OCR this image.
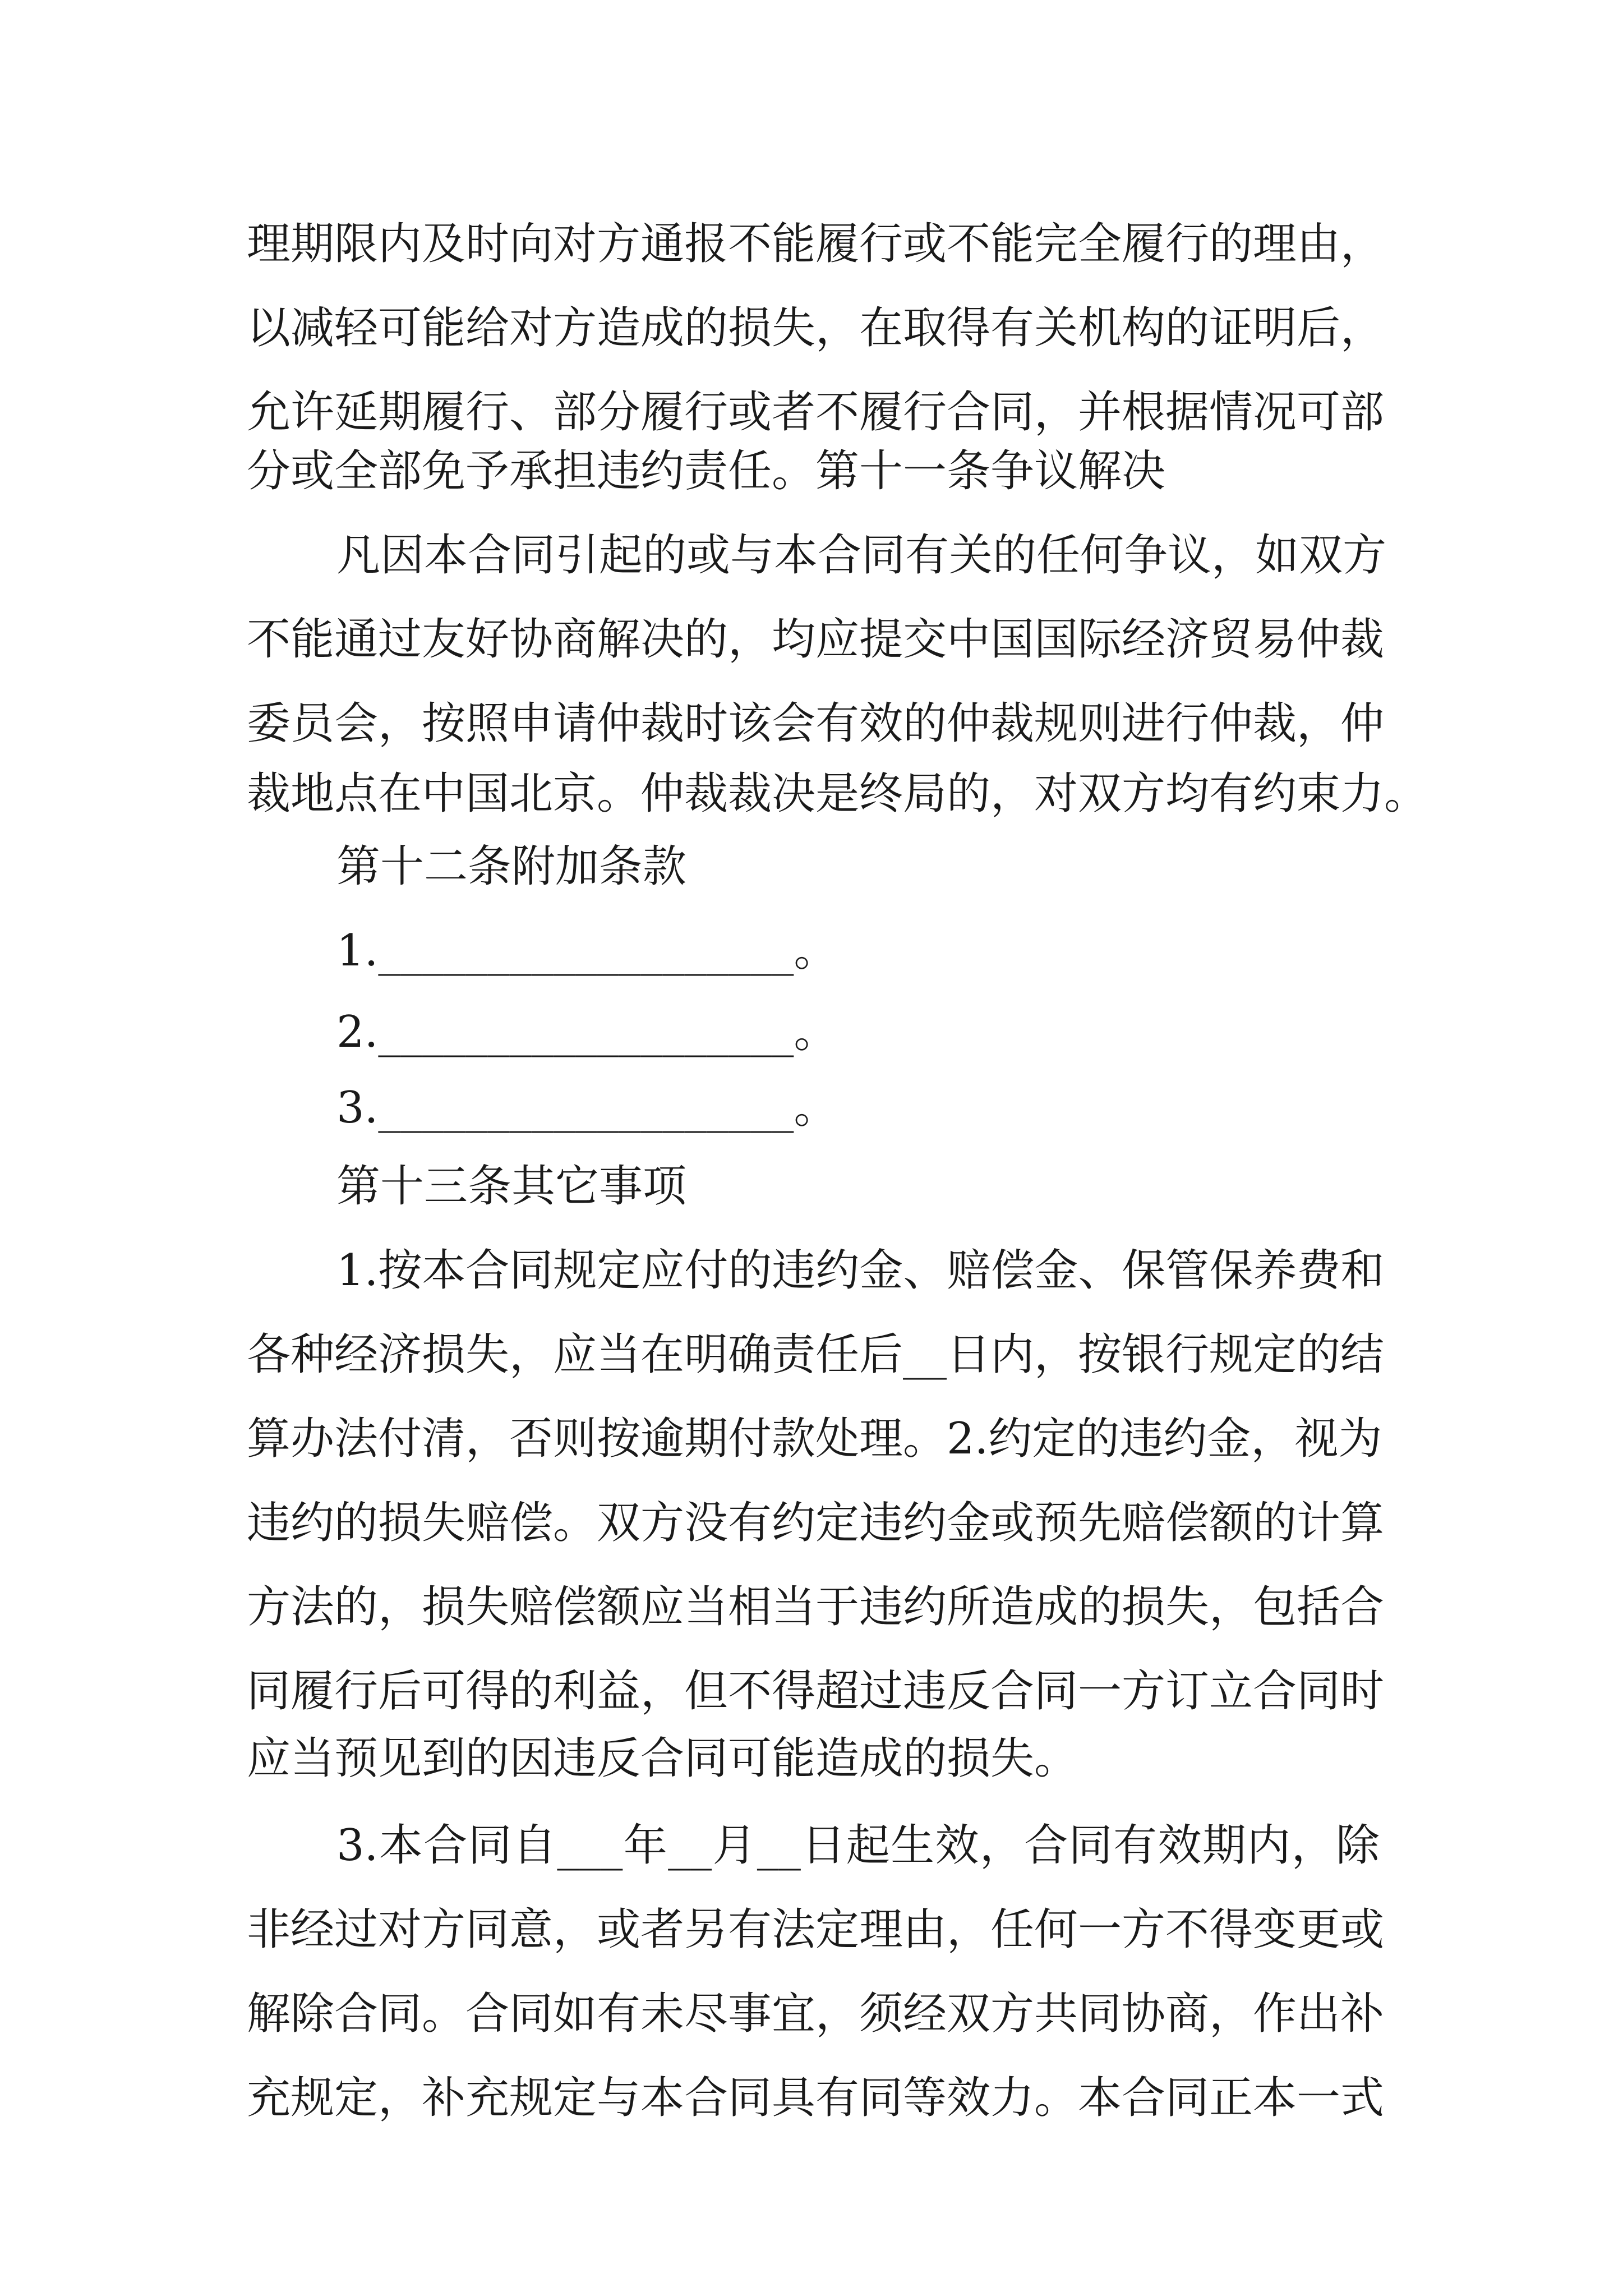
理期限内及时向对方通报不能履行或不能完全履行的理由，
以减轻可能给对方造成的损失，在取得有关机构的证明后，
允许延期履行、部分履行或者不履行合同，并根据情况可部
分或全部免予承担违约责任。第十一条争议解决
凡因本合同引起的或与本合同有关的任何争议，如双方
不能通过友好协商解决的，均应提交中国国际经济贸易仲裁
委员会，按照申请仲裁时该会有效的仲裁规则进行仲裁，仲
裁地点在中国北京。仲裁裁决是终局的，对双方均有约束力。
第十二条附加条款
1.___________________。
2.___________________。
3.___________________。
第十三条其它事项
1.按本合同规定应付的违约金、赔偿金、保管保养费和
各种经济损失，应当在明确责任后__日内，按银行规定的结
算办法付清，否则按逾期付款处理。2.约定的违约金，视为
违约的损失赔偿。双方没有约定违约金或预先赔偿额的计算
方法的，损失赔偿额应当相当于违约所造成的损失，包括合
同履行后可得的利益，但不得超过违反合同一方订立合同时
应当预见到的因违反合同可能造成的损失。
3.本合同自___年__月__日起生效，合同有效期内，除
非经过对方同意，或者另有法定理由，任何一方不得变更或
解除合同。合同如有未尽事宜，须经双方共同协商，作出补
充规定，补充规定与本合同具有同等效力。本合同正本一式
